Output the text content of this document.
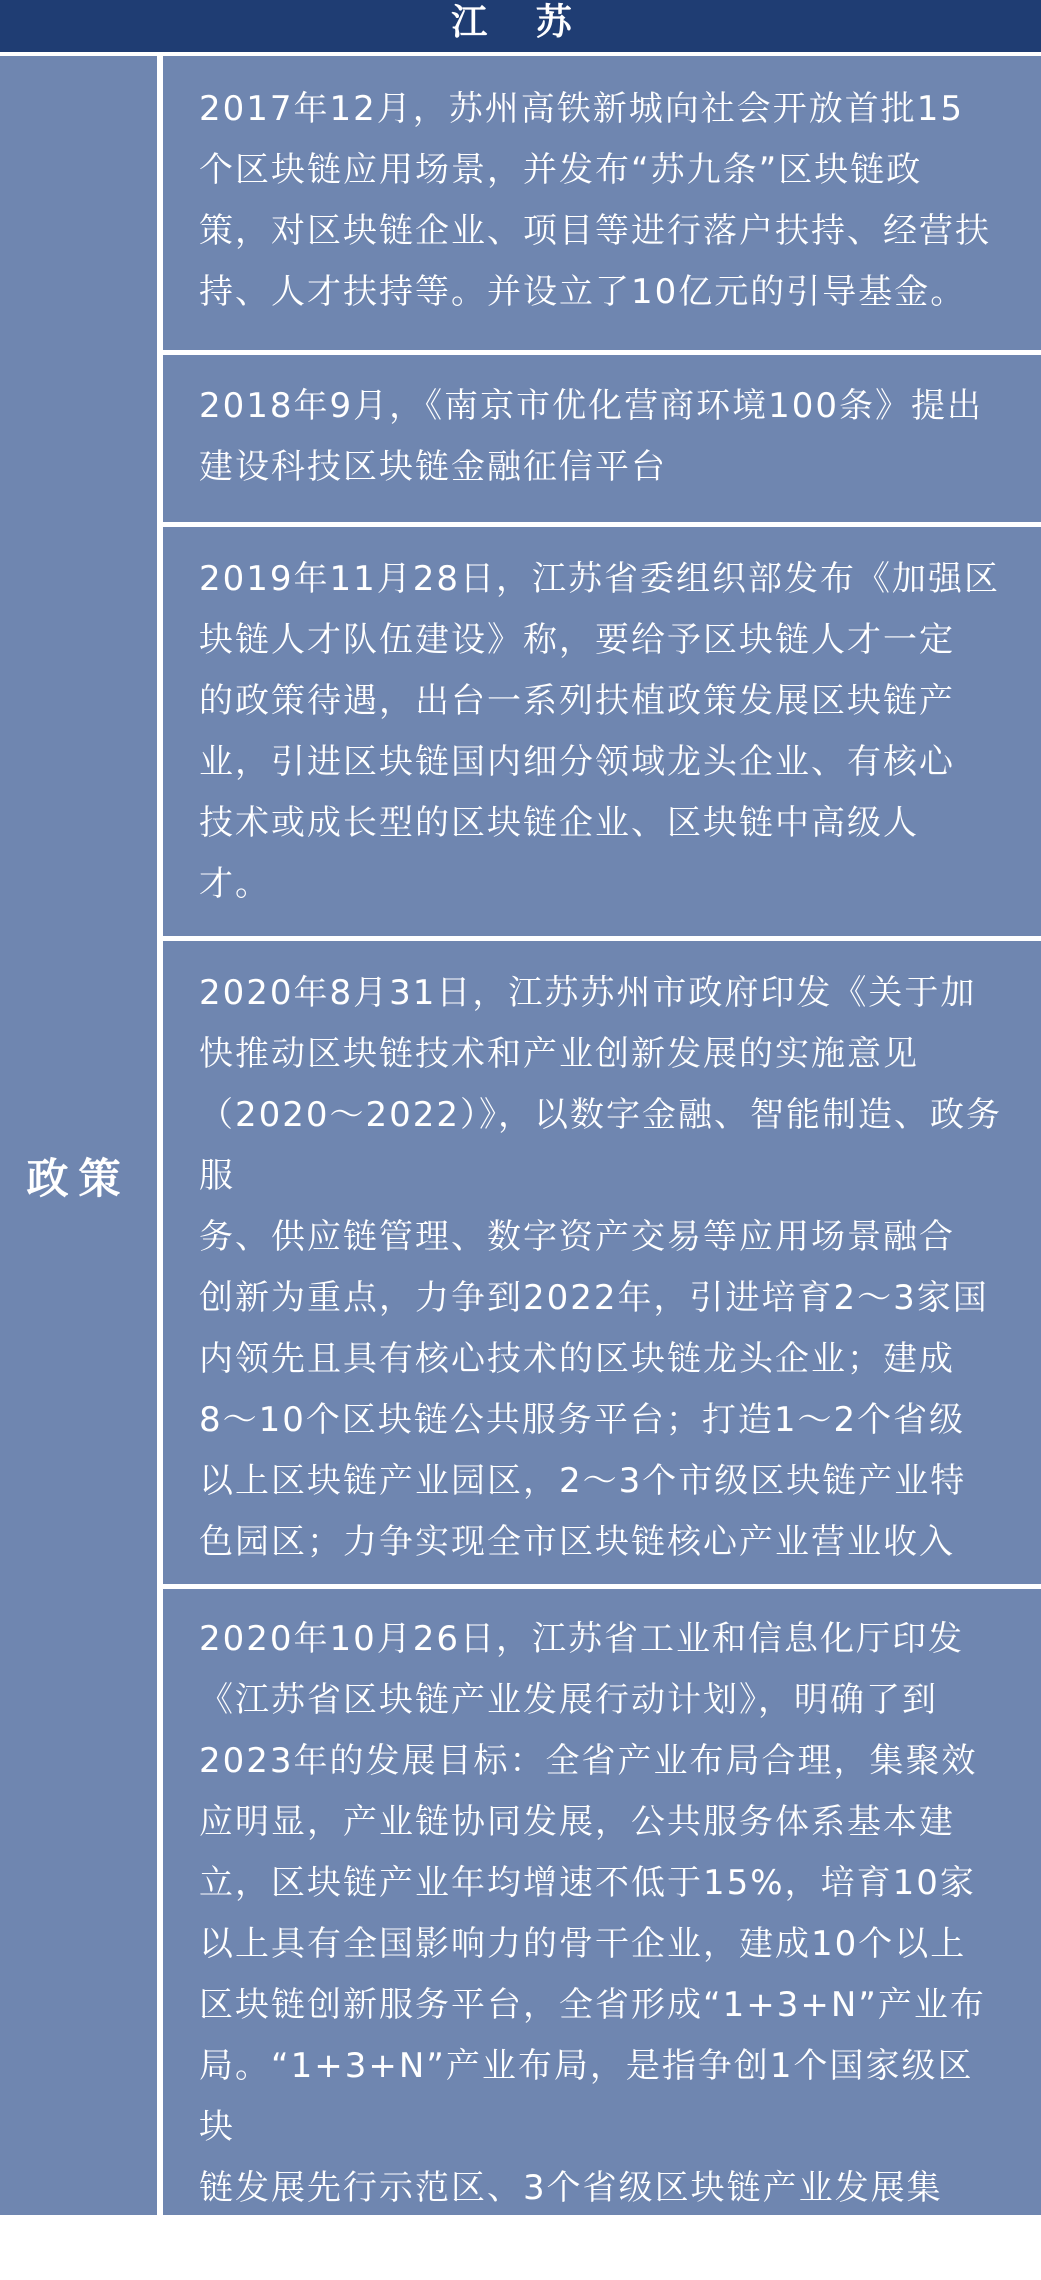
江 苏
政策

2017年12月，苏州高铁新城向社会开放首批15
个区块链应用场景，并发布“苏九条”区块链政
策，对区块链企业、项目等进行落户扶持、经营扶
持、人才扶持等。并设立了10亿元的引导基金。

2018年9月，《南京市优化营商环境100条》提出
建设科技区块链金融征信平台

2019年11月28日，江苏省委组织部发布《加强区
块链人才队伍建设》称，要给予区块链人才一定
的政策待遇，出台一系列扶植政策发展区块链产
业，引进区块链国内细分领域龙头企业、有核心
技术或成长型的区块链企业、区块链中高级人
才。

2020年8月31日，江苏苏州市政府印发《关于加
快推动区块链技术和产业创新发展的实施意见
（2020～2022）》，以数字金融、智能制造、政务服
务、供应链管理、数字资产交易等应用场景融合
创新为重点，力争到2022年，引进培育2～3家国
内领先且具有核心技术的区块链龙头企业；建成
8～10个区块链公共服务平台；打造1～2个省级
以上区块链产业园区，2～3个市级区块链产业特
色园区；力争实现全市区块链核心产业营业收入

2020年10月26日，江苏省工业和信息化厅印发
《江苏省区块链产业发展行动计划》，明确了到
2023年的发展目标：全省产业布局合理，集聚效
应明显，产业链协同发展，公共服务体系基本建
立，区块链产业年均增速不低于15%，培育10家
以上具有全国影响力的骨干企业，建成10个以上
区块链创新服务平台，全省形成“1+3+N”产业布
局。“1+3+N”产业布局，是指争创1个国家级区块
链发展先行示范区、3个省级区块链产业发展集
聚区、若干个区块链技术创新应用试验区。
